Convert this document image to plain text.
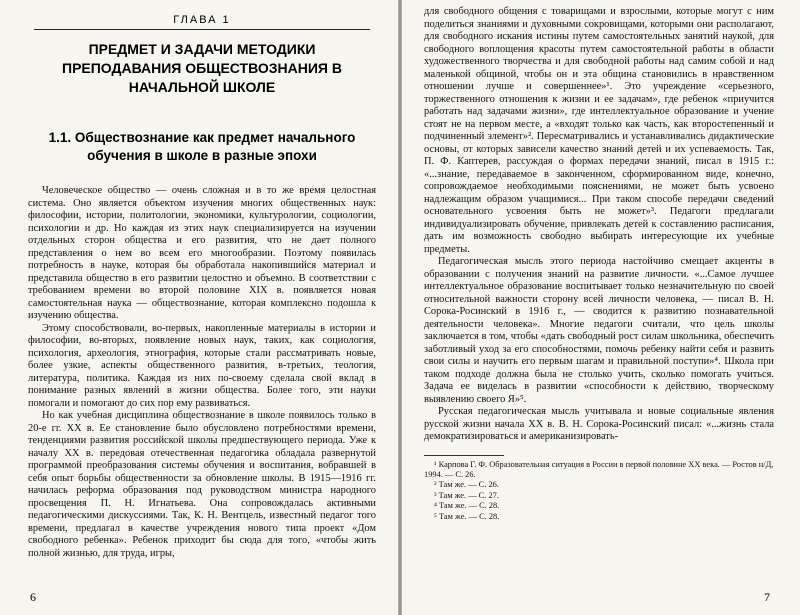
ГЛАВА 1
ПРЕДМЕТ И ЗАДАЧИ МЕТОДИКИ ПРЕПОДАВАНИЯ ОБЩЕСТВОЗНАНИЯ В НАЧАЛЬНОЙ ШКОЛЕ
1.1. Обществознание как предмет начального обучения в школе в разные эпохи

Человеческое общество — очень сложная и в то же время целостная система. Оно является объектом изучения многих общественных наук: философии, истории, политологии, экономики, культурологии, социологии, психологии и др. Но каждая из этих наук специализируется на изучении отдельных сторон общества и его развития, что не дает полного представления о нем во всем его многообразии. Поэтому появилась потребность в науке, которая бы обработала накопившийся материал и представила общество в его развитии целостно и объемно. В соответствии с требованием времени во второй половине XIX в. появляется новая самостоятельная наука — обществознание, которая комплексно подошла к изучению общества.

Этому способствовали, во-первых, накопленные материалы в истории и философии, во-вторых, появление новых наук, таких, как социология, психология, археология, этнография, которые стали рассматривать новые, более узкие, аспекты общественного развития, в-третьих, теология, литература, политика. Каждая из них по-своему сделала свой вклад в понимание разных явлений в жизни общества. Более того, эти науки помогали и помогают до сих пор ему развиваться.

Но как учебная дисциплина обществознание в школе появилось только в 20-е гг. XX в. Ее становление было обусловлено потребностями времени, тенденциями развития российской школы предшествующего периода. Уже к началу XX в. передовая отечественная педагогика обладала развернутой программой преобразования системы обучения и воспитания, вобравшей в себя опыт борьбы общественности за обновление школы. В 1915—1916 гг. начилась реформа образования под руководством министра народного просвещения П. Н. Игнатьева. Она сопровождалась активными педагогическими дискуссиями. Так, К. Н. Вентцель, известный педагог того времени, предлагал в качестве учреждения нового типа проект «Дом свободного ребенка». Ребенок приходит бы сюда для того, «чтобы жить полной жизнью, для труда, игры,

6

для свободного общения с товарищами и взрослыми, которые могут с ним поделиться знаниями и духовными сокровищами, которыми они располагают, для свободного искания истины путем самостоятельных занятий наукой, для свободного воплощения красоты путем самостоятельной работы в области художественного творчества и для свободной работы над самим собой и над маленькой общиной, чтобы он и эта община становились в нравственном отношении лучше и совершеннее»¹. Это учреждение «серьезного, торжественного отношения к жизни и ее задачам», где ребенок «приучится работать над задачами жизни», где интеллектуальное образование и учение стоят не на первом месте, а «входят только как часть, как второстепенный и подчиненный элемент»². Пересматривались и устанавливались дидактические основы, от которых зависели качество знаний детей и их успеваемость. Так, П. Ф. Каптерев, рассуждая о формах передачи знаний, писал в 1915 г.: «...знание, передаваемое в законченном, сформированном виде, конечно, сопровождаемое необходимыми пояснениями, не может быть усвоено надлежащим образом учащимися... При таком способе передачи сведений основательного усвоения быть не может»³. Педагоги предлагали индивидуализировать обучение, привлекать детей к составлению расписания, дать им возможность свободно выбирать интересующие их учебные предметы.

Педагогическая мысль этого периода настойчиво смещает акценты в образовании с получения знаний на развитие личности. «...Самое лучшее интеллектуальное образование воспитывает только незначительную по своей относительной важности сторону всей личности человека, — писал В. Н. Сорока-Росинский в 1916 г., — сводится к развитию познавательной деятельности человека». Многие педагоги считали, что цель школы заключается в том, чтобы «дать свободный рост силам школьника, обеспечить заботливый уход за его способностями, помочь ребенку найти себя и развить свои силы и научить его первым шагам и правильной поступи»⁴. Школа при таком подходе должна была не столько учить, сколько помогать учиться. Задача ее виделась в развитии «способности к действию, творческому выявлению своего Я»⁵.

Русская педагогическая мысль учитывала и новые социальные явления русской жизни начала XX в. В. Н. Сорока-Росинский писал: «...жизнь стала демократизироваться и американизировать-

¹ Карпова Г. Ф. Образовательная ситуация в России в первой половине XX века. — Ростов н/Д, 1994. — С. 26.

² Там же. — С. 26.

³ Там же. — С. 27.

⁴ Там же. — С. 28.

⁵ Там же. — С. 28.

7
